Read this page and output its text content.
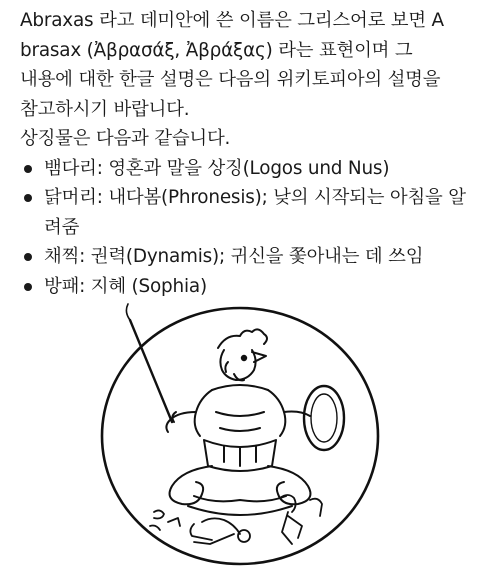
Abraxas 라고 데미안에 쓴 이름은 그리스어로 보면 A brasax (Ἀβρασάξ, Ἀβράξας) 라는 표현이며 그 내용에 대한 한글 설명은 다음의 위키토피아의 설명을 참고하시기 바랍니다.

상징물은 다음과 같습니다.

뱀다리: 영혼과 말을 상징(Logos und Nus)
닭머리: 내다봄(Phronesis); 낮의 시작되는 아침을 알려줌
채찍: 권력(Dynamis); 귀신을 쫓아내는 데 쓰임
방패: 지혜 (Sophia)
